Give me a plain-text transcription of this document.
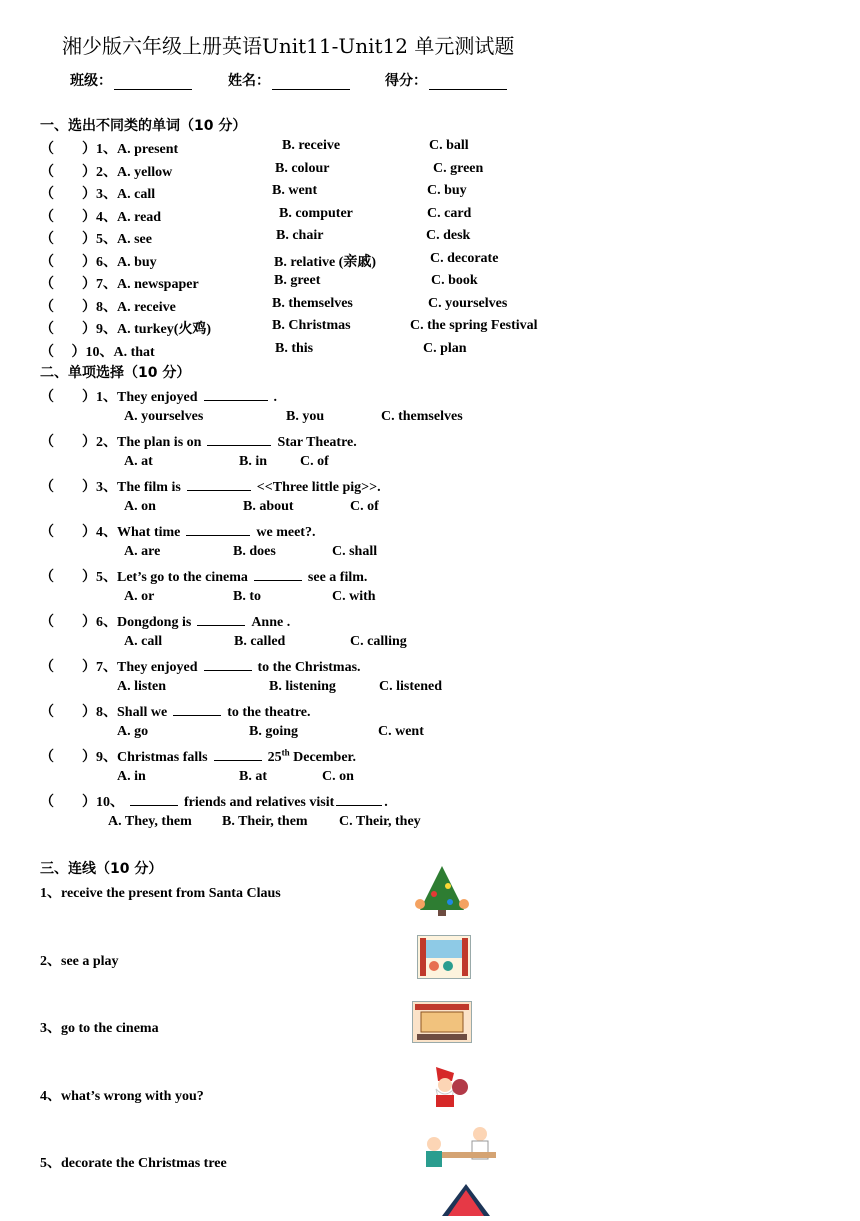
湘少版六年级上册英语Unit11-Unit12 单元测试题
班级：	姓名：	得分：
一、选出不同类的单词（10 分）
（　　）1、A. present	B. receive	C. ball
（　　）2、A. yellow	B. colour	C. green
（　　）3、A. call	B. went	C. buy
（　　）4、A. read	B. computer	C. card
（　　）5、A. see	B. chair	C. desk
（　　）6、A. buy	B. relative (亲戚)	C. decorate
（　　）7、A. newspaper	B. greet	C. book
（　　）8、A. receive	B. themselves	C. yourselves
（　　）9、A. turkey(火鸡)	B. Christmas	C. the spring Festival
（　 ）10、A. that	B. this	C. plan
二、单项选择（10 分）
（　　）1、They enjoyed	.
A. yourselves	B. you	C. themselves
（　　）2、The plan is on	Star Theatre.
A. at	B. in C. of
（　　）3、The film is	<<Three little pig>>.
A. on	B. about	C. of
（　　）4、What time	we meet?.
A. are	B. does	C. shall
（　　）5、Let’s go to the cinema	see a film.
A. or	B. to	C. with
（　　）6、Dongdong is	Anne .
A. call	B. called	C. calling
（　　）7、They enjoyed	to the Christmas.
A. listen	B. listening	C. listened
（　　）8、Shall we	to the theatre.
A. go	B. going	C. went
（　　）9、Christmas falls	25th December.
A. in	B. at	C. on
（　　）10、	friends and relatives visit	.
A. They, them B. Their, them C. Their, they
三、连线（10 分）
1、receive the present from Santa Claus
2、see a play
3、go to the cinema
4、what’s wrong with you?
5、decorate the Christmas tree
